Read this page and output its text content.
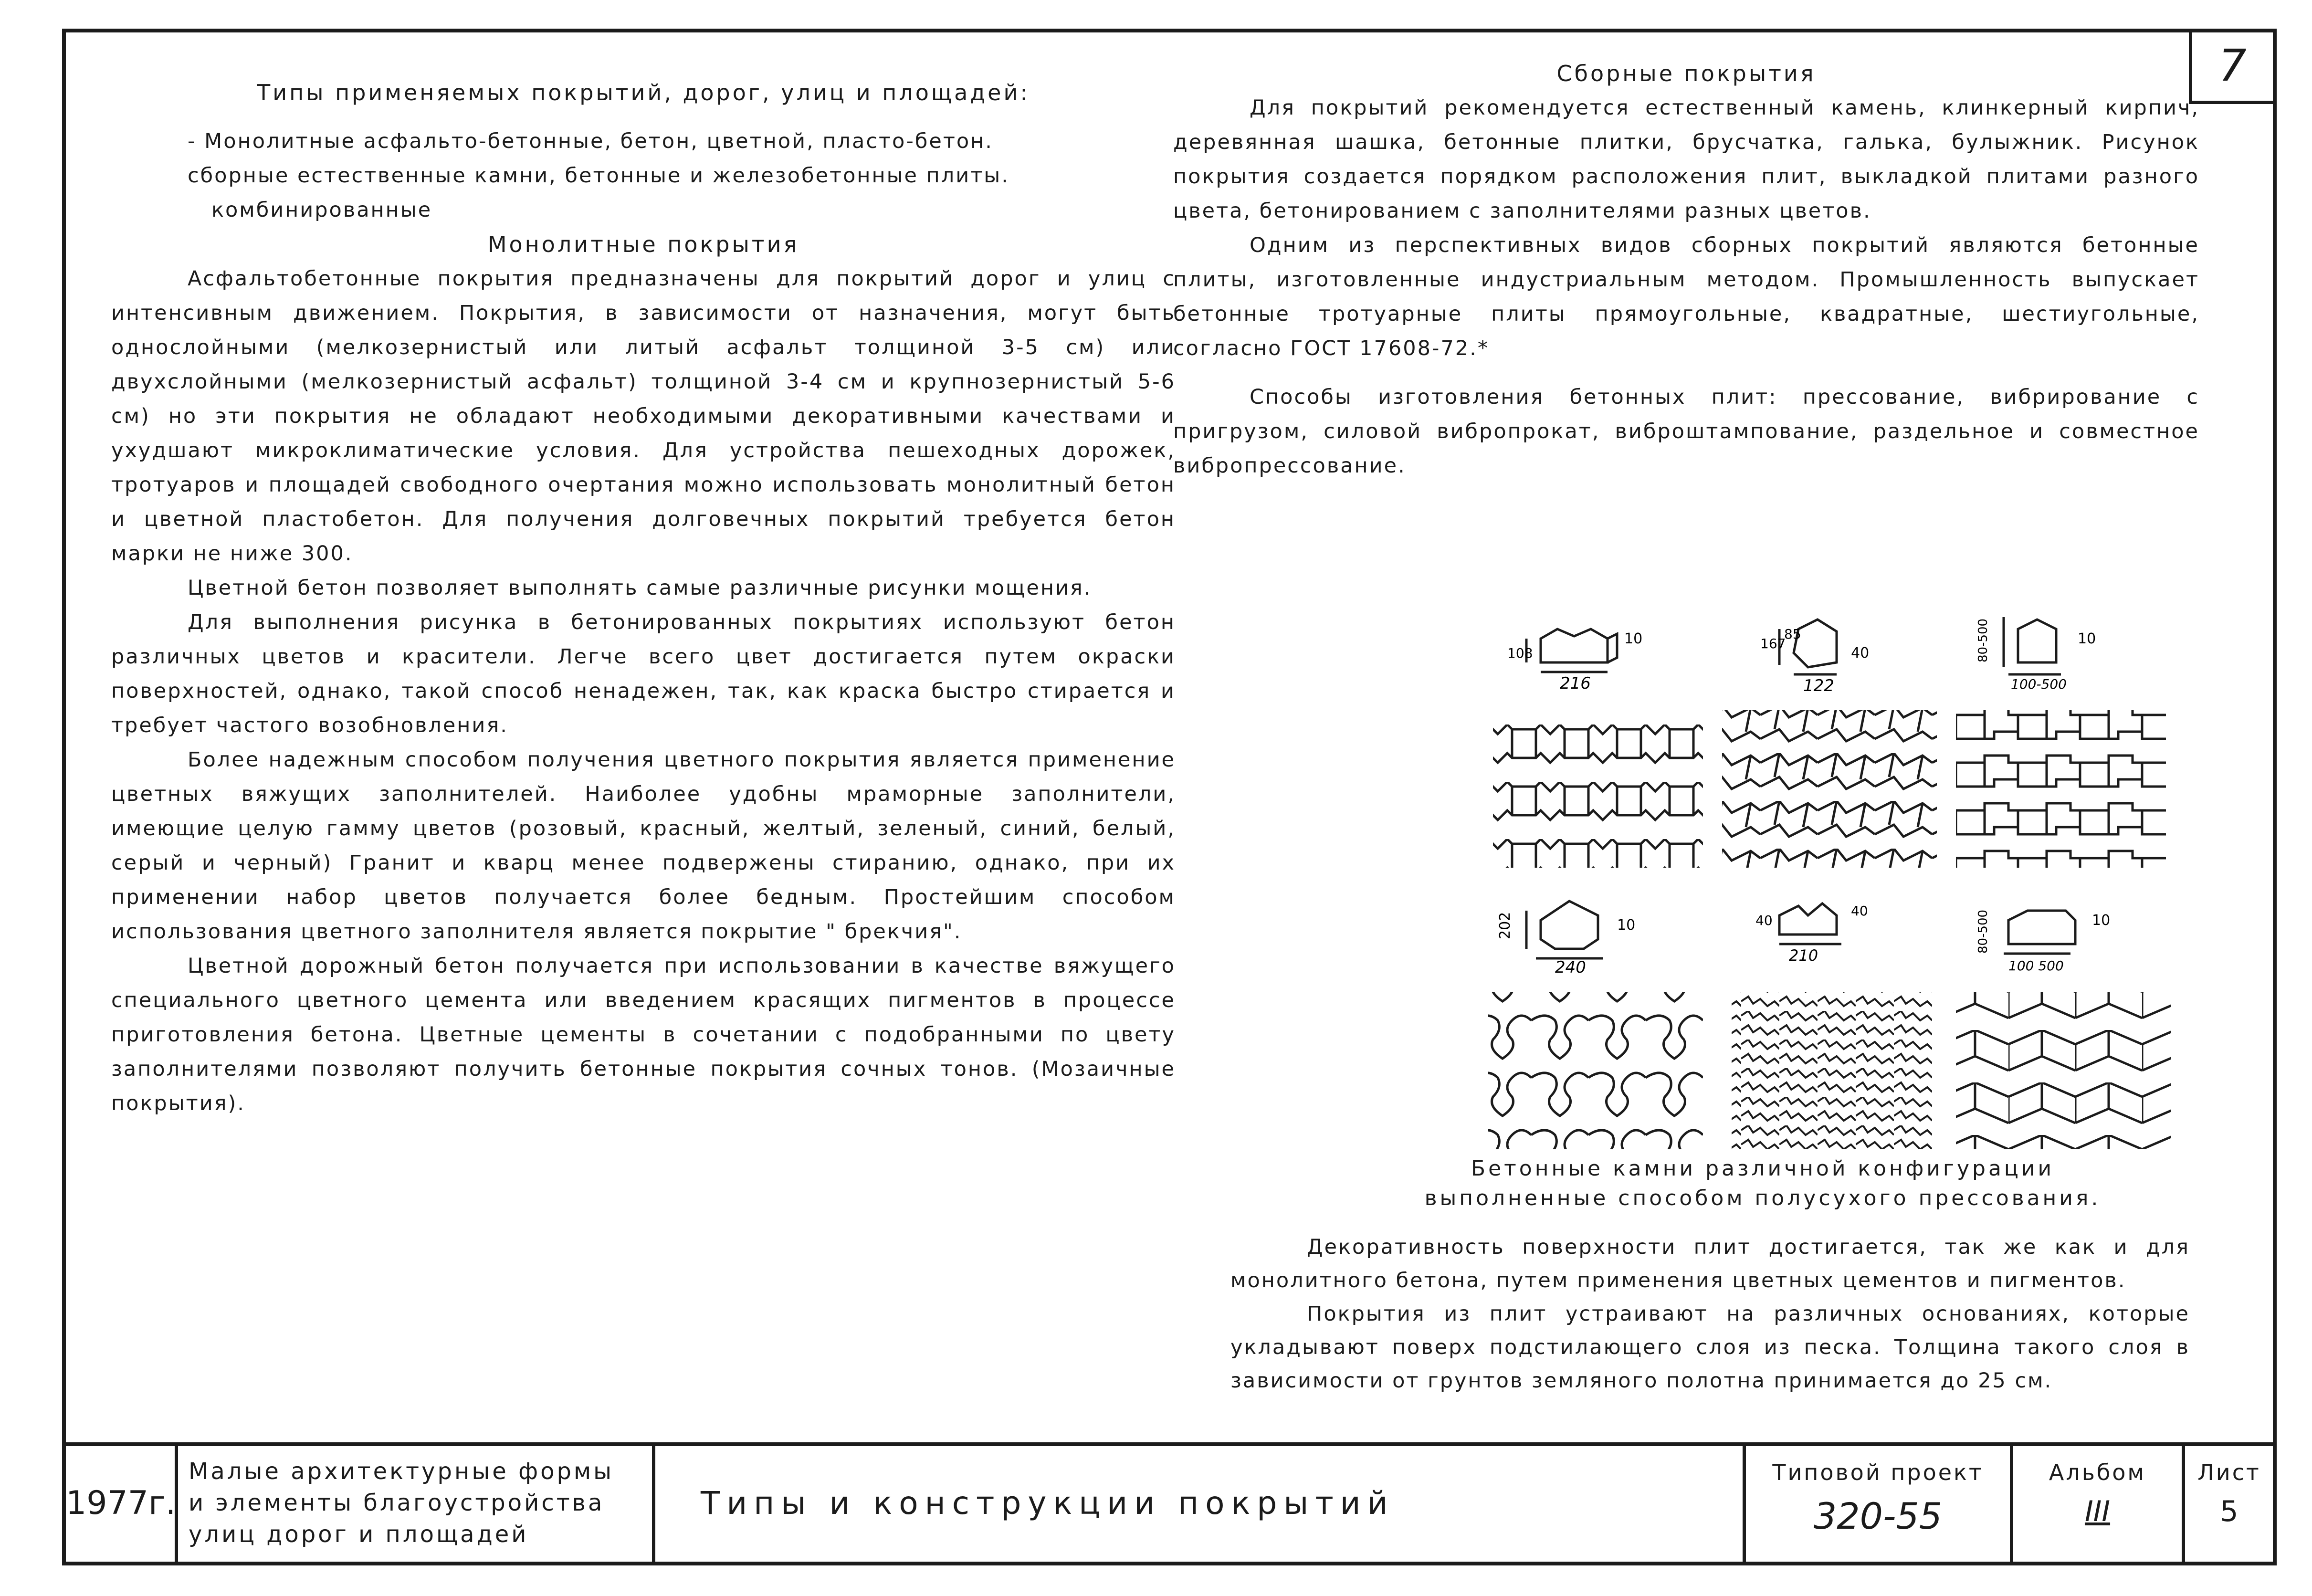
7

Типы применяемых покрытий, дорог, улиц и площадей:

- Монолитные асфальто-бетонные, бетон, цветной, пласто-бетон.

сборные естественные камни, бетонные и железобетонные плиты.

комбинированные

Монолитные покрытия

Асфальтобетонные покрытия предназначены для покрытий дорог и улиц с интенсивным движением. Покрытия, в зависимости от назначения, могут быть однослойными (мелкозернистый или литый асфальт толщиной 3-5 см) или двухслойными (мелкозернистый асфальт) толщиной 3-4 см и крупнозернистый 5-6 см) но эти покрытия не обладают необходимыми декоративными качествами и ухудшают микроклиматические условия. Для устройства пешеходных дорожек, тротуаров и площадей свободного очертания можно использовать монолитный бетон и цветной пластобетон. Для получения долговечных покрытий требуется бетон марки не ниже 300.

Цветной бетон позволяет выполнять самые различные рисунки мощения.

Для выполнения рисунка в бетонированных покрытиях используют бетон различных цветов и красители. Легче всего цвет достигается путем окраски поверхностей, однако, такой способ ненадежен, так, как краска быстро стирается и требует частого возобновления.

Более надежным способом получения цветного покрытия является применение цветных вяжущих заполнителей. Наиболее удобны мраморные заполнители, имеющие целую гамму цветов (розовый, красный, желтый, зеленый, синий, белый, серый и черный) Гранит и кварц менее подвержены стиранию, однако, при их применении набор цветов получается более бедным. Простейшим способом использования цветного заполнителя является покрытие " брекчия".

Цветной дорожный бетон получается при использовании в качестве вяжущего специального цветного цемента или введением красящих пигментов в процессе приготовления бетона. Цветные цементы в сочетании с подобранными по цвету заполнителями позволяют получить бетонные покрытия сочных тонов. (Мозаичные покрытия).

Сборные покрытия

Для покрытий рекомендуется естественный камень, клинкерный кирпич, деревянная шашка, бетонные плитки, брусчатка, галька, булыжник. Рисунок покрытия создается порядком расположения плит, выкладкой плитами разного цвета, бетонированием с заполнителями разных цветов.

Одним из перспективных видов сборных покрытий являются бетонные плиты, изготовленные индустриальным методом. Промышленность выпускает бетонные тротуарные плиты прямоугольные, квадратные, шестиугольные, согласно ГОСТ 17608-72.*

Способы изготовления бетонных плит: прессование, вибрирование с пригрузом, силовой вибропрокат, виброштампование, раздельное и совместное вибропрессование.

216
10
108
122
167
85
40	80-500
100-500
10
202
240
10	40
210
40	80-500
100 500
10
Бетонные камни различной конфигурации
выполненные способом полусухого прессования.

Декоративность поверхности плит достигается, так же как и для монолитного бетона, путем применения цветных цементов и пигментов.

Покрытия из плит устраивают на различных основаниях, которые укладывают поверх подстилающего слоя из песка. Толщина такого слоя в зависимости от грунтов земляного полотна принимается до 25 см.

1977г.
Малые архитектурные формы
и элементы благоустройства
улиц дорог и площадей
Типы и конструкции покрытий
Типовой проект
320-55
Альбом
III
Лист
5
